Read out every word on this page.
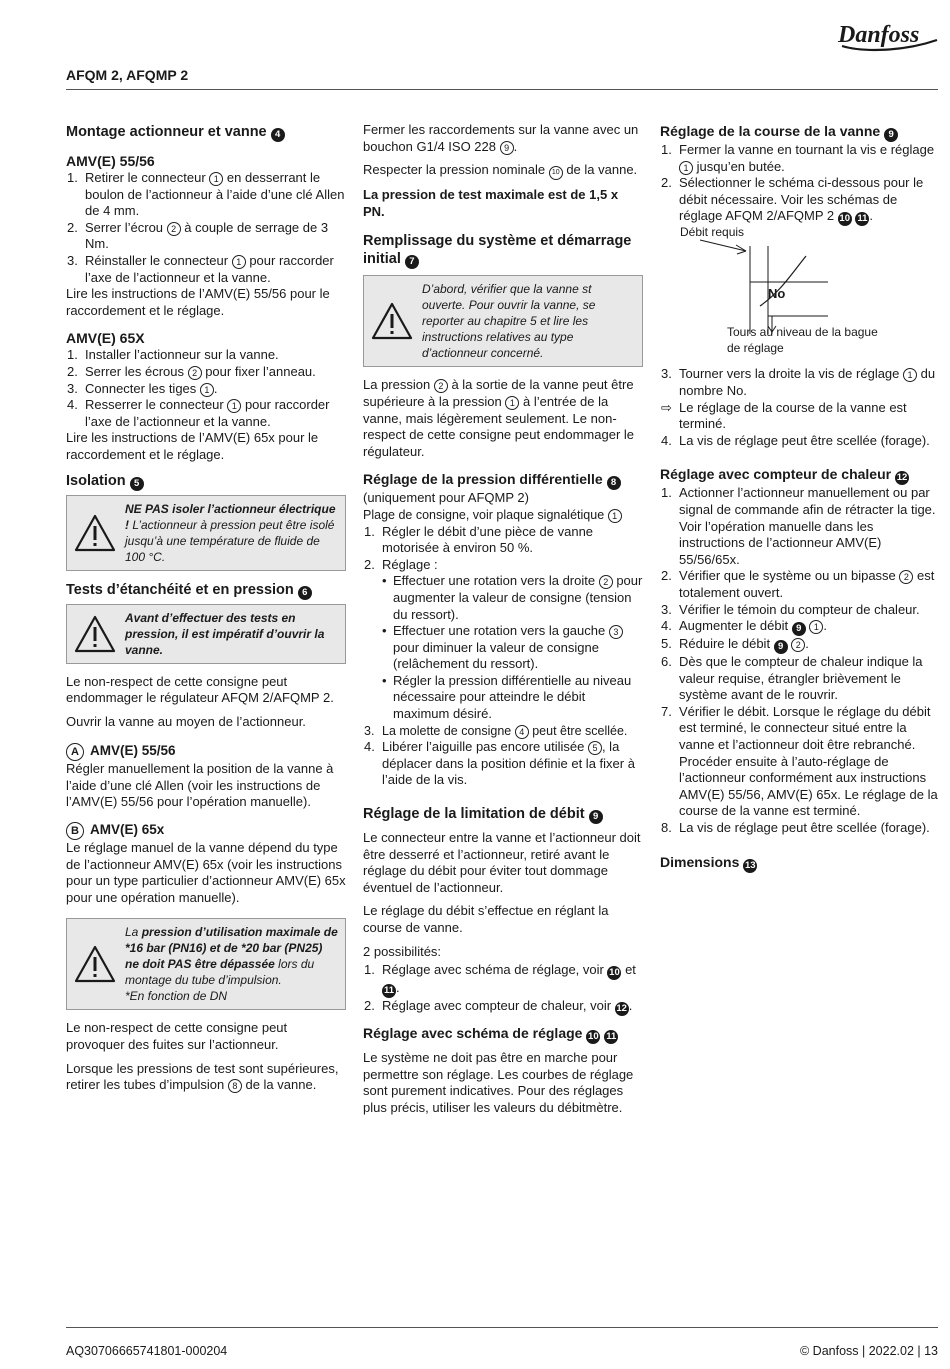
Danfoss
AFQM 2, AFQMP 2
Montage actionneur et vanne 4
AMV(E) 55/56
1. Retirer le connecteur 1 en desserrant le boulon de l’actionneur à l’aide d’une clé Allen de 4 mm.
2. Serrer l’écrou 2 à couple de serrage de 3 Nm.
3. Réinstaller le connecteur 1 pour raccorder l’axe de l’actionneur et la vanne.

Lire les instructions de l’AMV(E) 55/56 pour le raccordement et le réglage.

AMV(E) 65X
1. Installer l’actionneur sur la vanne.
2. Serrer les écrous 2 pour fixer l’anneau.
3. Connecter les tiges 1 .
4. Resserrer le connecteur 1 pour raccorder l’axe de l’actionneur et la vanne.

Lire les instructions de l’AMV(E) 65x pour le raccordement et le réglage.

Isolation 5
NE PAS isoler l’actionneur électrique ! L’actionneur à pression peut être isolé jusqu’à une température de fluide de 100 °C.
Tests d’étanchéité et en pression 6
Avant d’effectuer des tests en pression, il est impératif d’ouvrir la vanne.

Le non-respect de cette consigne peut endommager le régulateur AFQM 2/AFQMP 2.

Ouvrir la vanne au moyen de l’actionneur.

A AMV(E) 55/56

Régler manuellement la position de la vanne à l’aide d’une clé Allen (voir les instructions de l’AMV(E) 55/56 pour l’opération manuelle).

B AMV(E) 65x

Le réglage manuel de la vanne dépend du type de l’actionneur AMV(E) 65x (voir les instructions pour un type particulier d’actionneur AMV(E) 65x pour une opération manuelle).

La pression d’utilisation maximale de *16 bar (PN16) et de *20 bar (PN25) ne doit PAS être dépassée lors du montage du tube d’impulsion.
*En fonction de DN

Le non-respect de cette consigne peut provoquer des fuites sur l’actionneur.

Lorsque les pressions de test sont supérieures, retirer les tubes d’impulsion 8 de la vanne.

Fermer les raccordements sur la vanne avec un bouchon G1/4 ISO 228 9 .

Respecter la pression nominale 10 de la vanne.

La pression de test maximale est de 1,5 x PN.

Remplissage du système et démarrage initial 7
D’abord, vérifier que la vanne st ouverte. Pour ouvrir la vanne, se reporter au chapitre 5 et lire les instructions relatives au type d’actionneur concerné.

La pression 2 à la sortie de la vanne peut être supérieure à la pression 1 à l’entrée de la vanne, mais légèrement seulement. Le non-respect de cette consigne peut endommager le régulateur.

Réglage de la pression différentielle 8
(uniquement pour AFQMP 2)
Plage de consigne, voir plaque signalétique 1
1. Régler le débit d’une pièce de vanne motorisée à environ 50 %.
2. Réglage :
• Effectuer une rotation vers la droite 2 pour augmenter la valeur de consigne (tension du ressort).
• Effectuer une rotation vers la gauche 3 pour diminuer la valeur de consigne (relâchement du ressort).
• Régler la pression différentielle au niveau nécessaire pour atteindre le débit maximum désiré.
3. La molette de consigne 4 peut être scellée.
4. Libérer l’aiguille pas encore utilisée 5 , la déplacer dans la position définie et la fixer à l’aide de la vis.
Réglage de la limitation de débit 9

Le connecteur entre la vanne et l’actionneur doit être desserré et l’actionneur, retiré avant le réglage du débit pour éviter tout dommage éventuel de l’actionneur.

Le réglage du débit s’effectue en réglant la course de vanne.

2 possibilités:

1. Réglage avec schéma de réglage, voir 10 et 11 .
2. Réglage avec compteur de chaleur, voir 12 .
Réglage avec schéma de réglage 10 11

Le système ne doit pas être en marche pour permettre son réglage. Les courbes de réglage sont purement indicatives. Pour des réglages plus précis, utiliser les valeurs du débitmètre.

Réglage de la course de la vanne 9
1. Fermer la vanne en tournant la vis e réglage 1 jusqu’en butée.
2. Sélectionner le schéma ci-dessous pour le débit nécessaire. Voir les schémas de réglage AFQM 2/AFQMP 2 10 11 .
Débit requis
No
Tours au niveau de la bague de réglage
3. Tourner vers la droite la vis de réglage 1 du nombre No.
⇨ Le réglage de la course de la vanne est terminé.
4. La vis de réglage peut être scellée (forage).
Réglage avec compteur de chaleur 12
1. Actionner l’actionneur manuellement ou par signal de commande afin de rétracter la tige.
Voir l’opération manuelle dans les instructions de l’actionneur AMV(E) 55/56/65x.
2. Vérifier que le système ou un bipasse 2 est totalement ouvert.
3. Vérifier le témoin du compteur de chaleur.
4. Augmenter le débit 9 1 .
5. Réduire le débit 9 2 .
6. Dès que le compteur de chaleur indique la valeur requise, étrangler brièvement le système avant de le rouvrir.
7. Vérifier le débit. Lorsque le réglage du débit est terminé, le connecteur situé entre la vanne et l’actionneur doit être rebranché. Procéder ensuite à l’auto-réglage de l’actionneur conformément aux instructions AMV(E) 55/56, AMV(E) 65x. Le réglage de la course de la vanne est terminé.
8. La vis de réglage peut être scellée (forage).
Dimensions 13
AQ30706665741801-000204	© Danfoss | 2022.02 | 13
